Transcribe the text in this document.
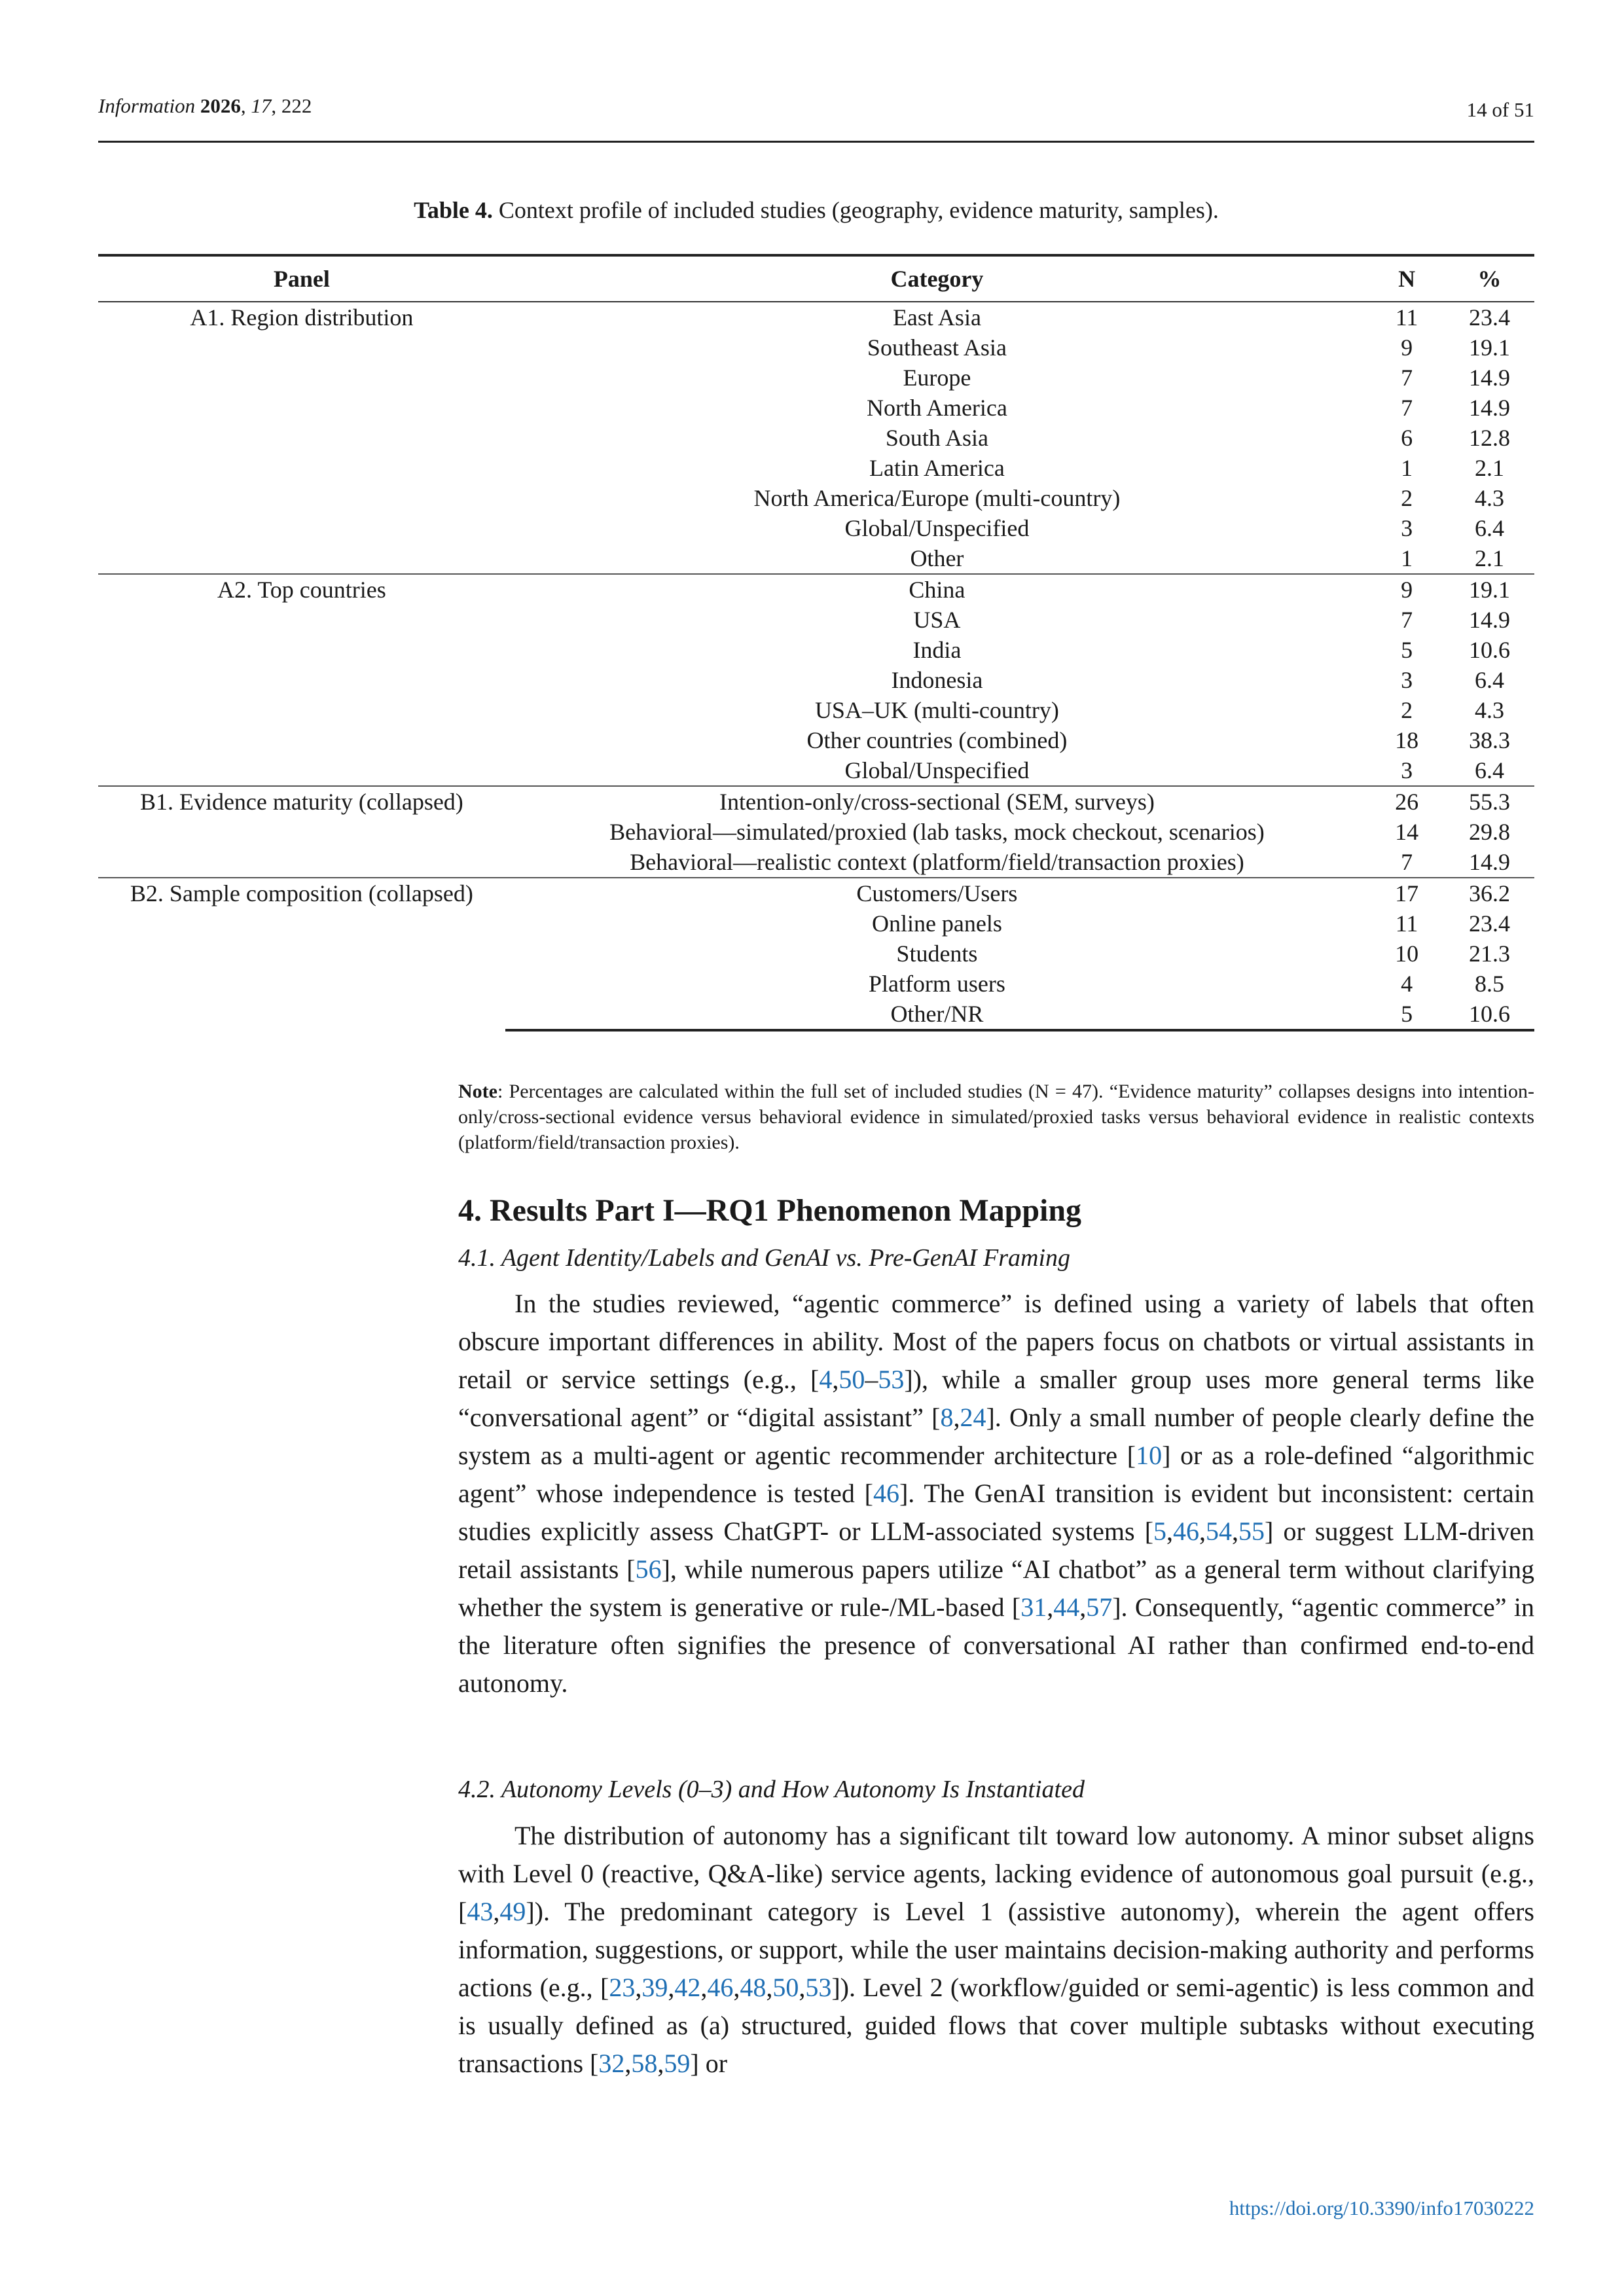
Information 2026, 17, 222	14 of 51
Table 4. Context profile of included studies (geography, evidence maturity, samples).
Panel	Category	N	%
A1. Region distribution	East Asia	11	23.4
	Southeast Asia	9	19.1
	Europe	7	14.9
	North America	7	14.9
	South Asia	6	12.8
	Latin America	1	2.1
	North America/Europe (multi-country)	2	4.3
	Global/Unspecified	3	6.4
	Other	1	2.1
A2. Top countries	China	9	19.1
	USA	7	14.9
	India	5	10.6
	Indonesia	3	6.4
	USA–UK (multi-country)	2	4.3
	Other countries (combined)	18	38.3
	Global/Unspecified	3	6.4
B1. Evidence maturity (collapsed)	Intention-only/cross-sectional (SEM, surveys)	26	55.3
	Behavioral—simulated/proxied (lab tasks, mock checkout, scenarios)	14	29.8
	Behavioral—realistic context (platform/field/transaction proxies)	7	14.9
B2. Sample composition (collapsed)	Customers/Users	17	36.2
	Online panels	11	23.4
	Students	10	21.3
	Platform users	4	8.5
	Other/NR	5	10.6
Note: Percentages are calculated within the full set of included studies (N = 47). “Evidence maturity” collapses designs into intention-only/cross-sectional evidence versus behavioral evidence in simulated/proxied tasks versus behavioral evidence in realistic contexts (platform/field/transaction proxies).
4. Results Part I—RQ1 Phenomenon Mapping
4.1. Agent Identity/Labels and GenAI vs. Pre-GenAI Framing

In the studies reviewed, “agentic commerce” is defined using a variety of labels that often obscure important differences in ability. Most of the papers focus on chatbots or virtual assistants in retail or service settings (e.g., [4,50–53]), while a smaller group uses more general terms like “conversational agent” or “digital assistant” [8,24]. Only a small number of people clearly define the system as a multi-agent or agentic recommender architecture [10] or as a role-defined “algorithmic agent” whose independence is tested [46]. The GenAI transition is evident but inconsistent: certain studies explicitly assess ChatGPT- or LLM-associated systems [5,46,54,55] or suggest LLM-driven retail assistants [56], while numerous papers utilize “AI chatbot” as a general term without clarifying whether the system is generative or rule-/ML-based [31,44,57]. Consequently, “agentic commerce” in the literature often signifies the presence of conversational AI rather than confirmed end-to-end autonomy.

4.2. Autonomy Levels (0–3) and How Autonomy Is Instantiated

The distribution of autonomy has a significant tilt toward low autonomy. A minor subset aligns with Level 0 (reactive, Q&A-like) service agents, lacking evidence of autonomous goal pursuit (e.g., [43,49]). The predominant category is Level 1 (assistive autonomy), wherein the agent offers information, suggestions, or support, while the user maintains decision-making authority and performs actions (e.g., [23,39,42,46,48,50,53]). Level 2 (workflow/guided or semi-agentic) is less common and is usually defined as (a) structured, guided flows that cover multiple subtasks without executing transactions [32,58,59] or

https://doi.org/10.3390/info17030222
